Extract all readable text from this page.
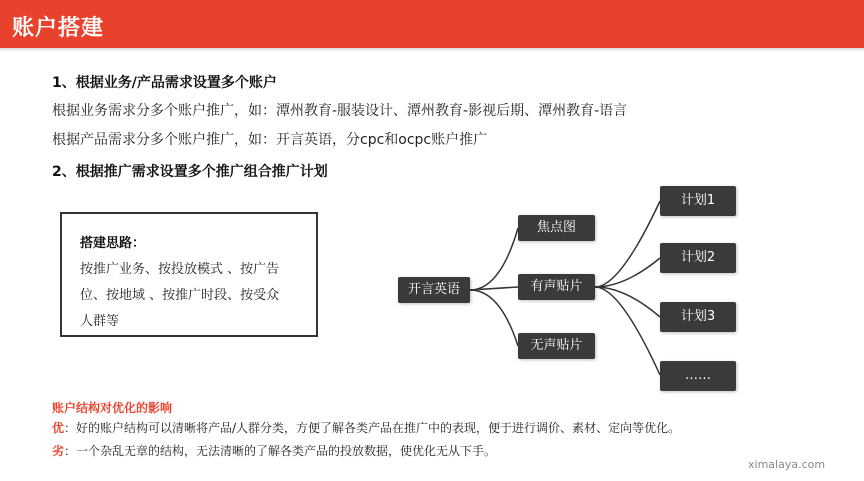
账户搭建
1、根据业务/产品需求设置多个账户
根据业务需求分多个账户推广，如：潭州教育-服装设计、潭州教育-影视后期、潭州教育-语言
根据产品需求分多个账户推广，如：开言英语，分cpc和ocpc账户推广
2、根据推广需求设置多个推广组合推广计划
搭建思路：
按推广业务、按投放模式 、按广告
位、按地域 、按推广时段、按受众
人群等
开言英语
焦点图
有声贴片
无声贴片
计划1
计划2
计划3
……
账户结构对优化的影响
优：好的账户结构可以清晰将产品/人群分类，方便了解各类产品在推广中的表现，便于进行调价、素材、定向等优化。
劣：一个杂乱无章的结构，无法清晰的了解各类产品的投放数据，使优化无从下手。
ximalaya.com
